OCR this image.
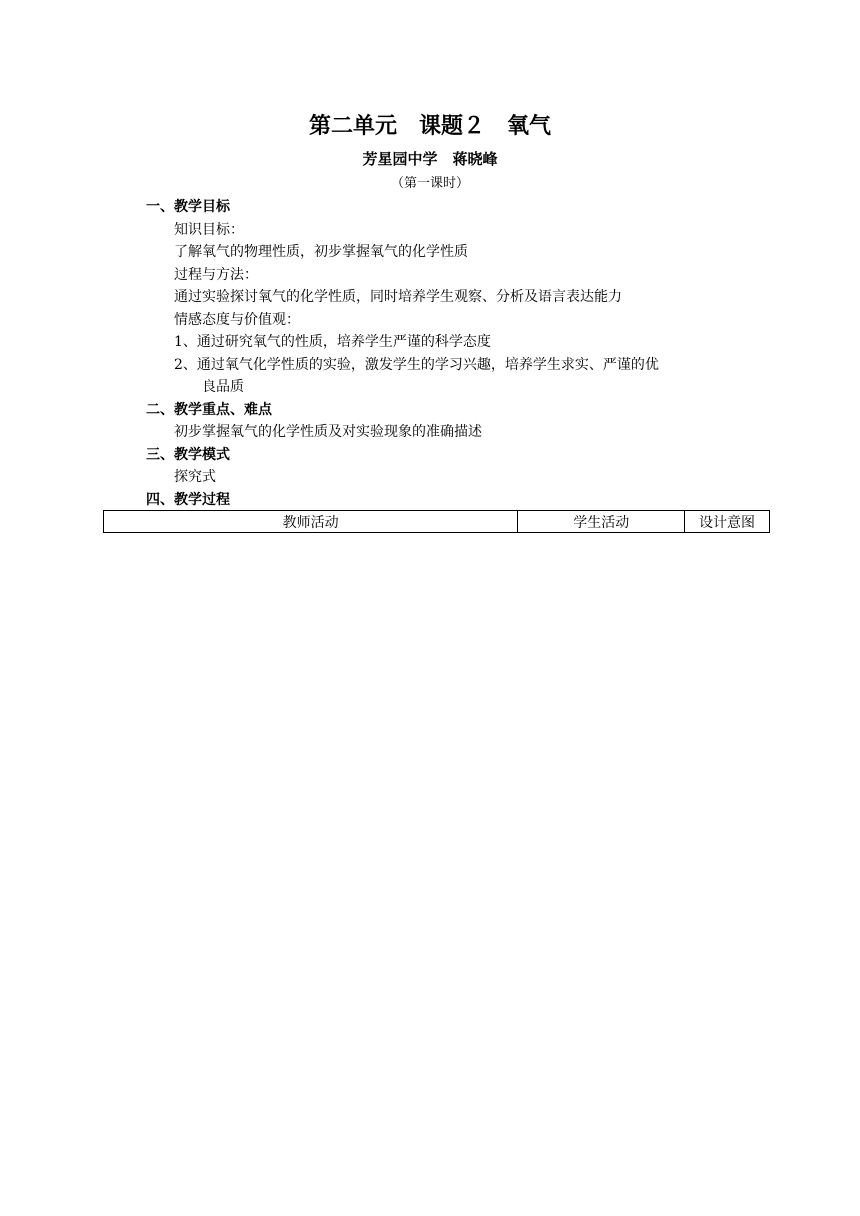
第二单元　课题２　氧气
芳星园中学　蒋晓峰
（第一课时）
一、教学目标
知识目标：
了解氧气的物理性质，初步掌握氧气的化学性质
过程与方法：
通过实验探讨氧气的化学性质，同时培养学生观察、分析及语言表达能力
情感态度与价值观：
1、通过研究氧气的性质，培养学生严谨的科学态度
2、通过氧气化学性质的实验，激发学生的学习兴趣，培养学生求实、严谨的优
良品质
二、教学重点、难点
初步掌握氧气的化学性质及对实验现象的准确描述
三、教学模式
探究式
四、教学过程
教师活动	学生活动	设计意图
